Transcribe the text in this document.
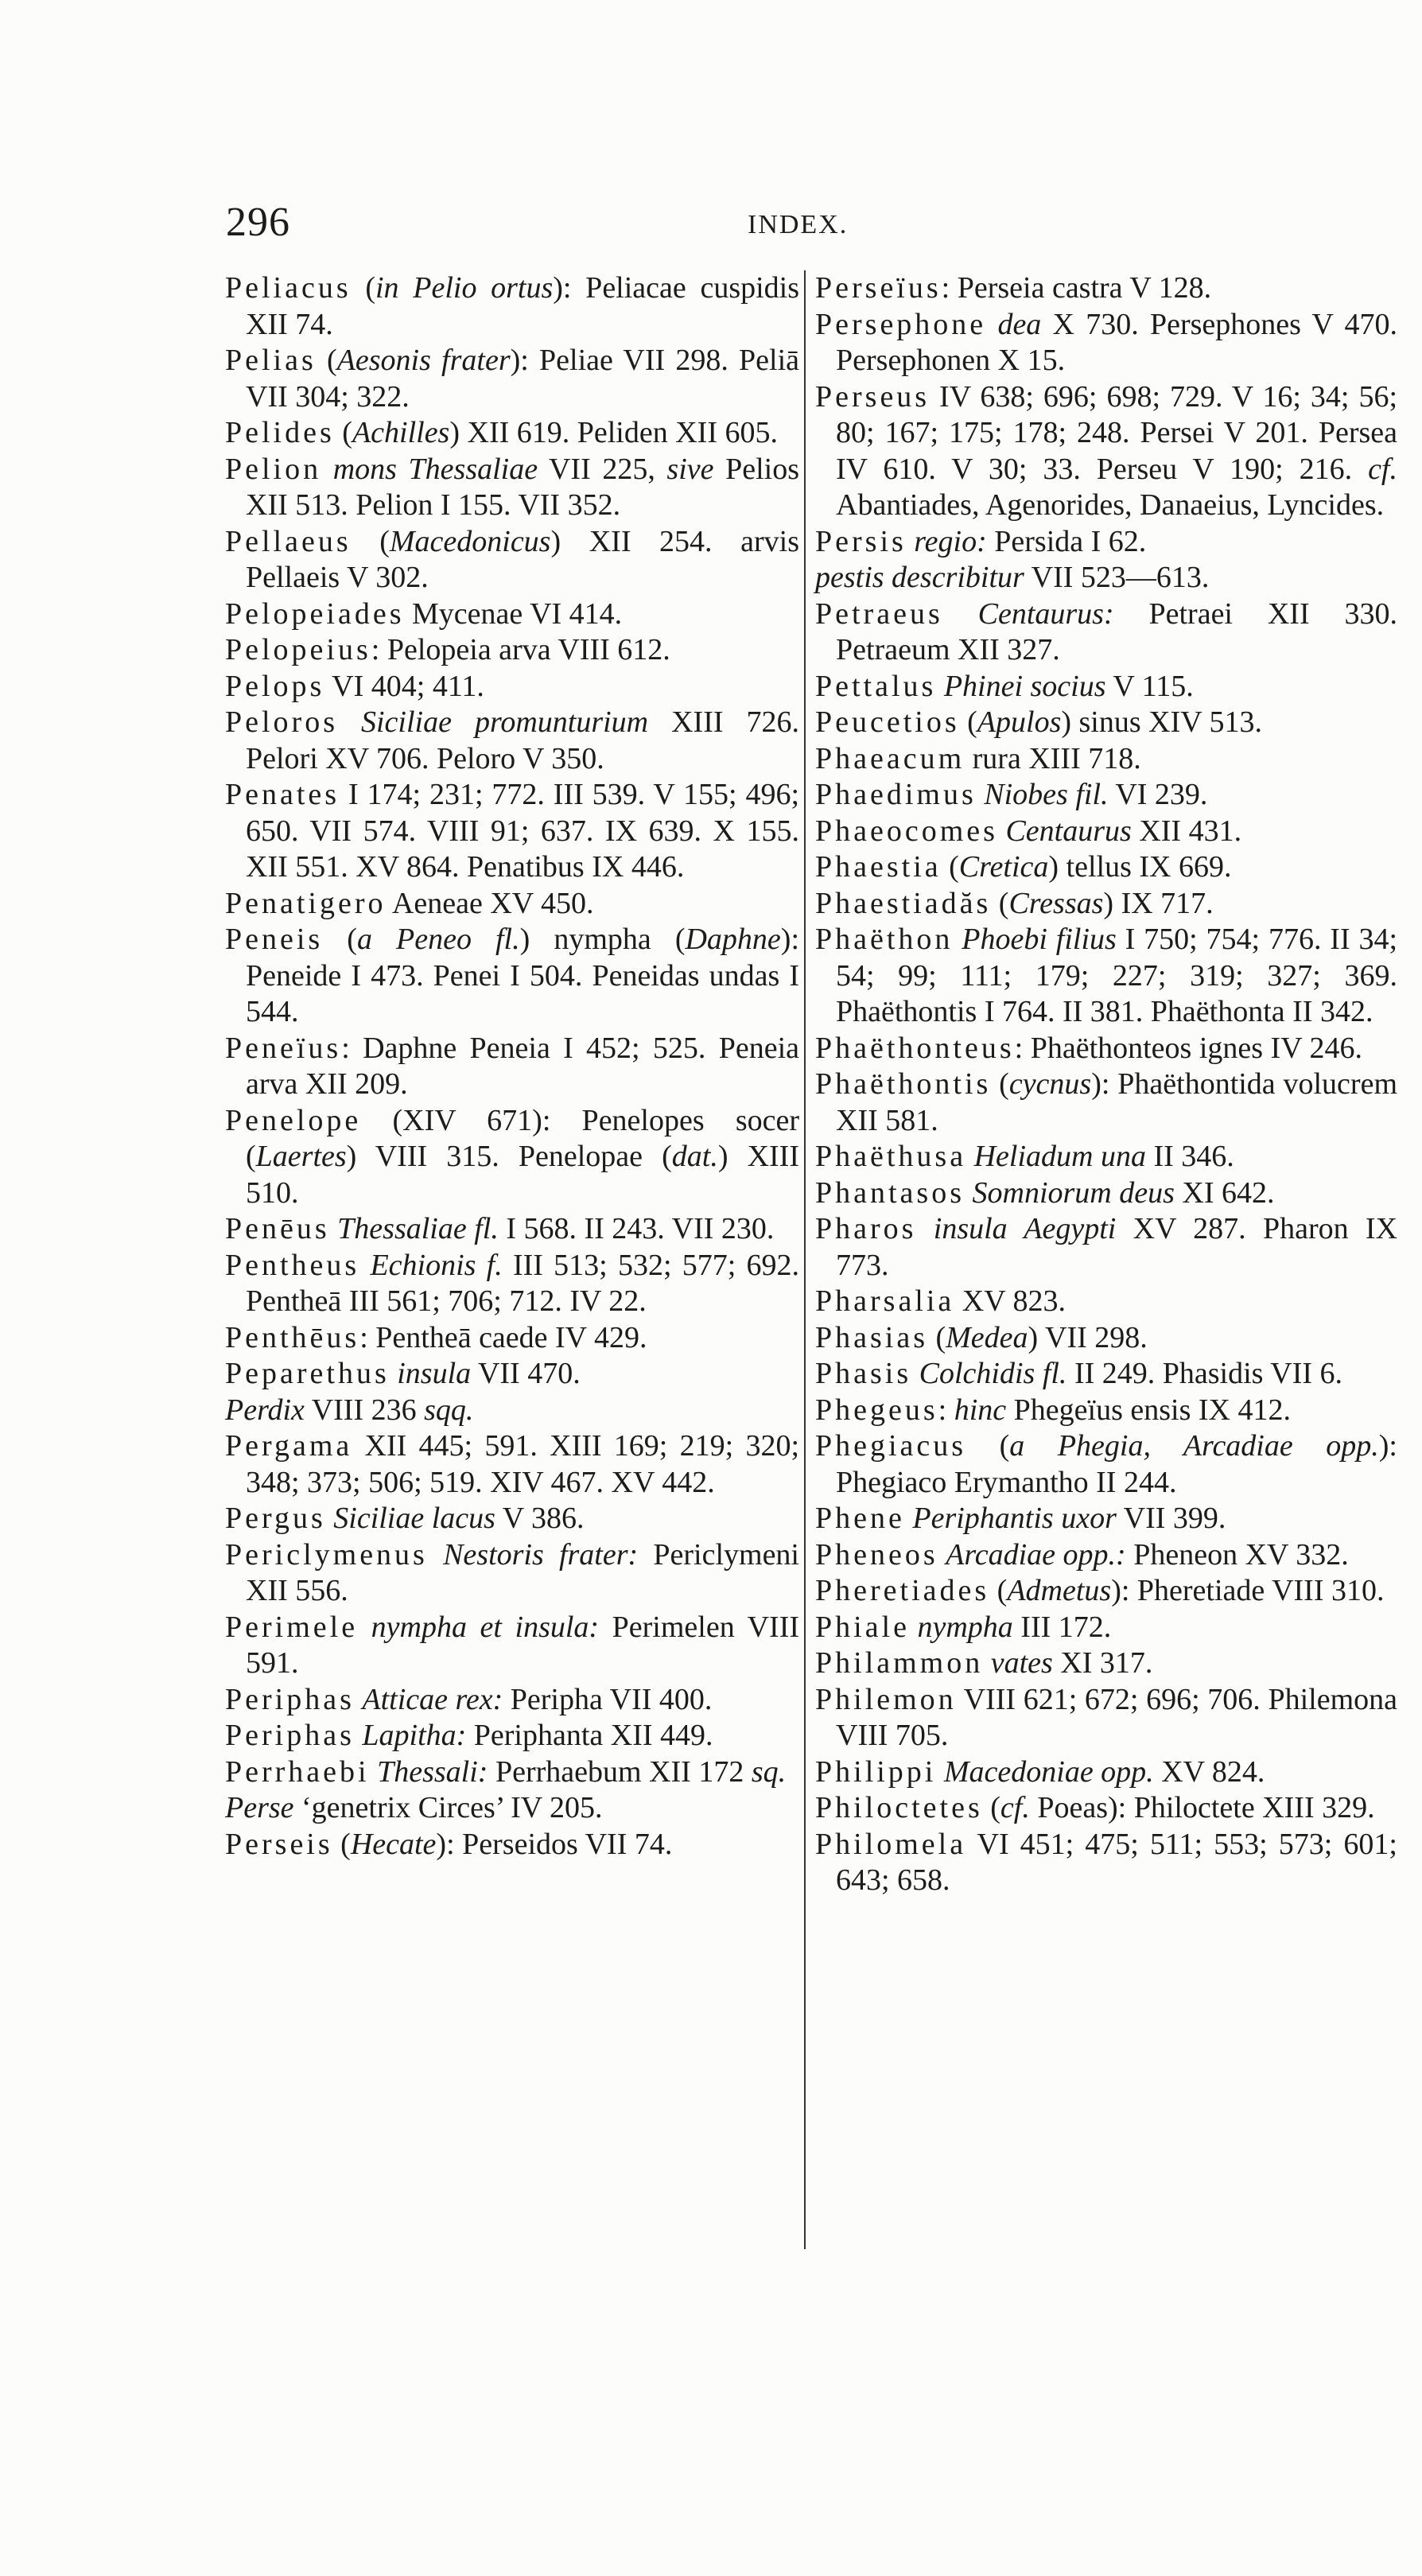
296	INDEX.

Peliacus (in Pelio ortus): Peliacae cuspidis XII 74.

Pelias (Aesonis frater): Peliae VII 298. Peliā VII 304; 322.

Pelides (Achilles) XII 619. Peliden XII 605.

Pelion mons Thessaliae VII 225, sive Pelios XII 513. Pelion I 155. VII 352.

Pellaeus (Macedonicus) XII 254. arvis Pellaeis V 302.

Pelopeiades Mycenae VI 414.

Pelopeius: Pelopeia arva VIII 612.

Pelops VI 404; 411.

Peloros Siciliae promunturium XIII 726. Pelori XV 706. Peloro V 350.

Penates I 174; 231; 772. III 539. V 155; 496; 650. VII 574. VIII 91; 637. IX 639. X 155. XII 551. XV 864. Penatibus IX 446.

Penatigero Aeneae XV 450.

Peneis (a Peneo fl.) nympha (Daphne): Peneide I 473. Penei I 504. Peneidas undas I 544.

Peneïus: Daphne Peneia I 452; 525. Peneia arva XII 209.

Penelope (XIV 671): Penelopes socer (Laertes) VIII 315. Penelopae (dat.) XIII 510.

Penēus Thessaliae fl. I 568. II 243. VII 230.

Pentheus Echionis f. III 513; 532; 577; 692. Pentheā III 561; 706; 712. IV 22.

Penthēus: Pentheā caede IV 429.

Peparethus insula VII 470.

Perdix VIII 236 sqq.

Pergama XII 445; 591. XIII 169; 219; 320; 348; 373; 506; 519. XIV 467. XV 442.

Pergus Siciliae lacus V 386.

Periclymenus Nestoris frater: Periclymeni XII 556.

Perimele nympha et insula: Perimelen VIII 591.

Periphas Atticae rex: Peripha VII 400.

Periphas Lapitha: Periphanta XII 449.

Perrhaebi Thessali: Perrhaebum XII 172 sq.

Perse ‘genetrix Circes’ IV 205.

Perseis (Hecate): Perseidos VII 74.

Perseïus: Perseia castra V 128.

Persephone dea X 730. Persephones V 470. Persephonen X 15.

Perseus IV 638; 696; 698; 729. V 16; 34; 56; 80; 167; 175; 178; 248. Persei V 201. Persea IV 610. V 30; 33. Perseu V 190; 216. cf. Abantiades, Agenorides, Danaeius, Lyncides.

Persis regio: Persida I 62.

pestis describitur VII 523—613.

Petraeus Centaurus: Petraei XII 330. Petraeum XII 327.

Pettalus Phinei socius V 115.

Peucetios (Apulos) sinus XIV 513.

Phaeacum rura XIII 718.

Phaedimus Niobes fil. VI 239.

Phaeocomes Centaurus XII 431.

Phaestia (Cretica) tellus IX 669.

Phaestiadăs (Cressas) IX 717.

Phaëthon Phoebi filius I 750; 754; 776. II 34; 54; 99; 111; 179; 227; 319; 327; 369. Phaëthontis I 764. II 381. Phaëthonta II 342.

Phaëthonteus: Phaëthonteos ignes IV 246.

Phaëthontis (cycnus): Phaëthontida volucrem XII 581.

Phaëthusa Heliadum una II 346.

Phantasos Somniorum deus XI 642.

Pharos insula Aegypti XV 287. Pharon IX 773.

Pharsalia XV 823.

Phasias (Medea) VII 298.

Phasis Colchidis fl. II 249. Phasidis VII 6.

Phegeus: hinc Phegeïus ensis IX 412.

Phegiacus (a Phegia, Arcadiae opp.): Phegiaco Erymantho II 244.

Phene Periphantis uxor VII 399.

Pheneos Arcadiae opp.: Pheneon XV 332.

Pheretiades (Admetus): Pheretiade VIII 310.

Phiale nympha III 172.

Philammon vates XI 317.

Philemon VIII 621; 672; 696; 706. Philemona VIII 705.

Philippi Macedoniae opp. XV 824.

Philoctetes (cf. Poeas): Philoctete XIII 329.

Philomela VI 451; 475; 511; 553; 573; 601; 643; 658.
